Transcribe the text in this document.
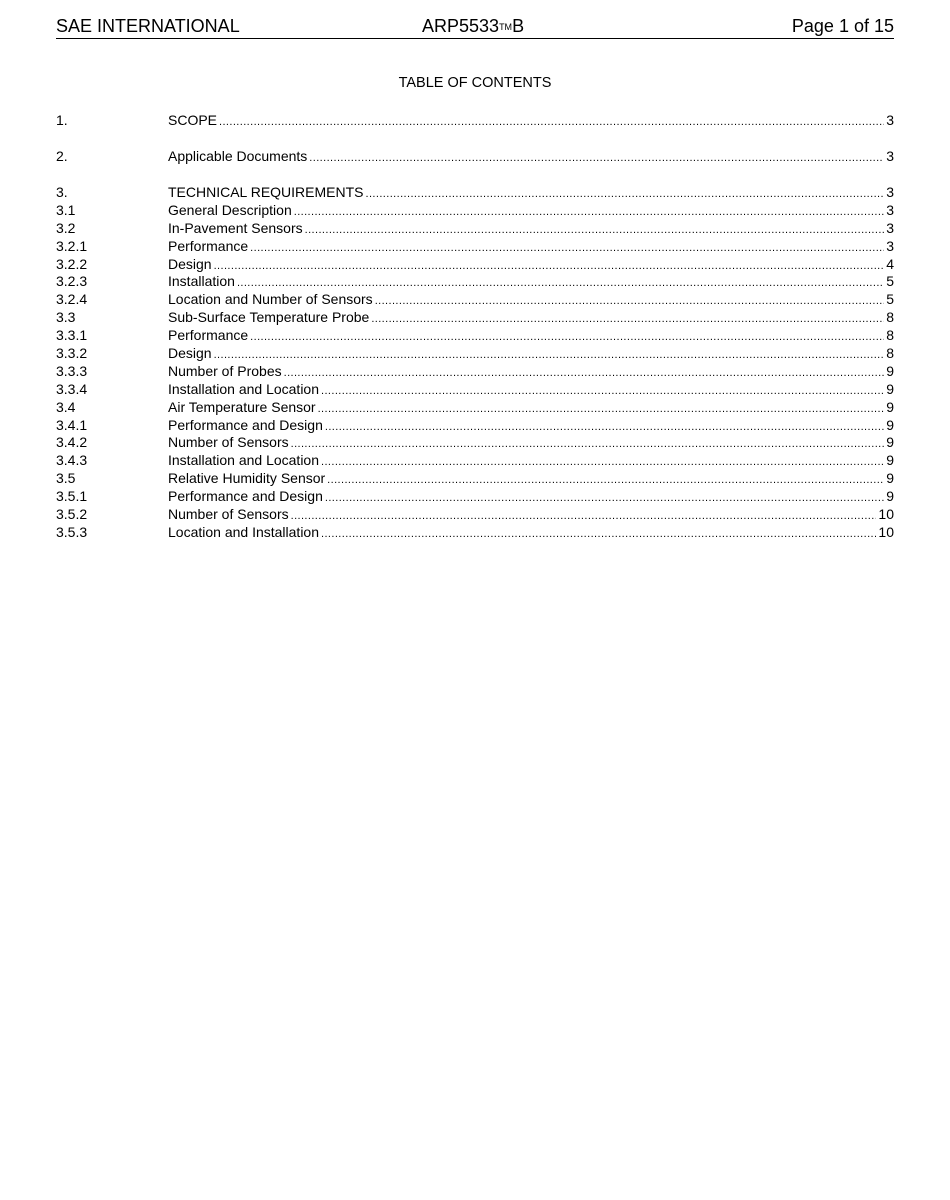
SAE INTERNATIONAL	ARP5533™B	Page 1 of 15
TABLE OF CONTENTS
1.	SCOPE .....	3
2.	Applicable Documents .....	3
3.	TECHNICAL REQUIREMENTS .....	3
3.1	General Description .....	3
3.2	In-Pavement Sensors .....	3
3.2.1	Performance .....	3
3.2.2	Design .....	4
3.2.3	Installation .....	5
3.2.4	Location and Number of Sensors .....	5
3.3	Sub-Surface Temperature Probe .....	8
3.3.1	Performance .....	8
3.3.2	Design .....	8
3.3.3	Number of Probes .....	9
3.3.4	Installation and Location .....	9
3.4	Air Temperature Sensor .....	9
3.4.1	Performance and Design .....	9
3.4.2	Number of Sensors .....	9
3.4.3	Installation and Location .....	9
3.5	Relative Humidity Sensor .....	9
3.5.1	Performance and Design .....	9
3.5.2	Number of Sensors .....	10
3.5.3	Location and Installation .....	10
